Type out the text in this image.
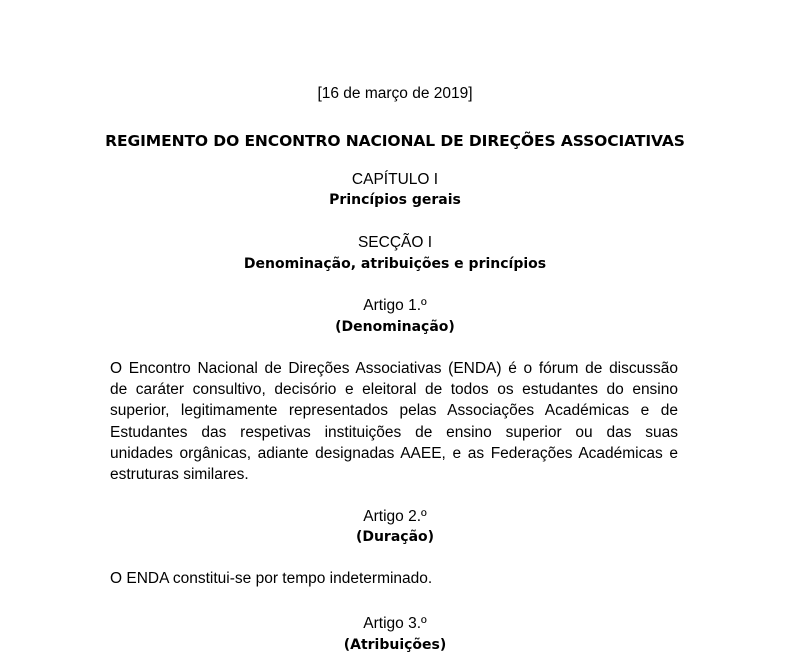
[16 de março de 2019]
REGIMENTO DO ENCONTRO NACIONAL DE DIREÇÕES ASSOCIATIVAS
CAPÍTULO I
Princípios gerais
SECÇÃO I
Denominação, atribuições e princípios
Artigo 1.º
(Denominação)
O Encontro Nacional de Direções Associativas (ENDA) é o fórum de discussão
de caráter consultivo, decisório e eleitoral de todos os estudantes do ensino
superior, legitimamente representados pelas Associações Académicas e de
Estudantes das respetivas instituições de ensino superior ou das suas
unidades orgânicas, adiante designadas AAEE, e as Federações Académicas e
estruturas similares.
Artigo 2.º
(Duração)
O ENDA constitui-se por tempo indeterminado.
Artigo 3.º
(Atribuições)
